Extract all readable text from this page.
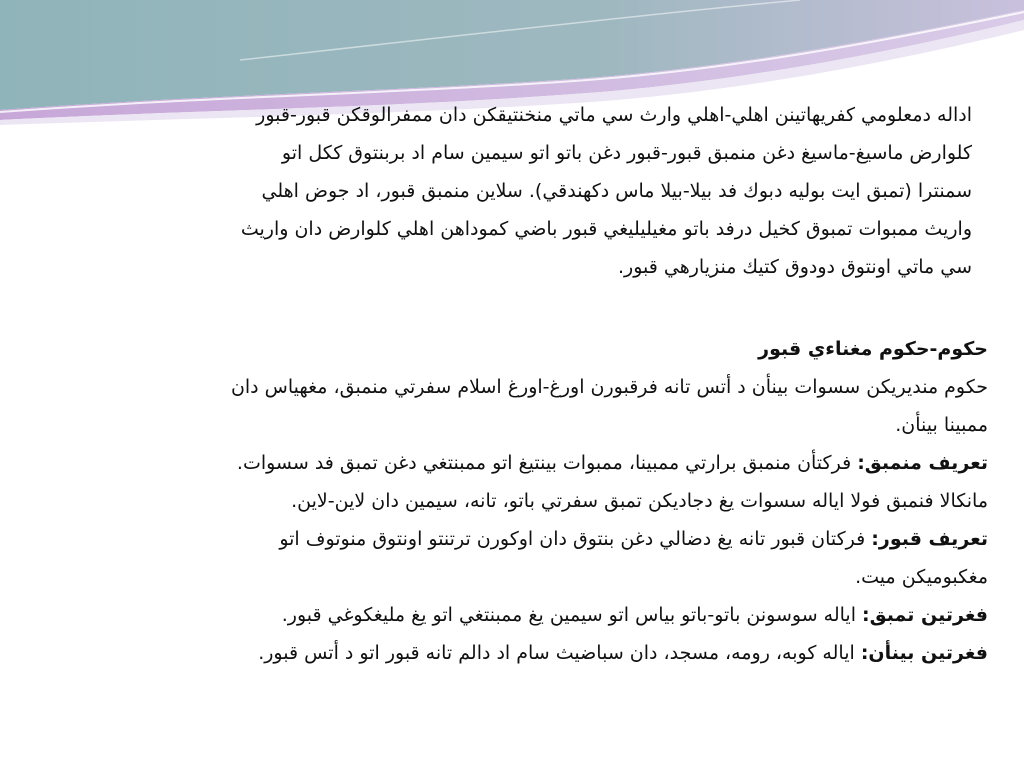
اداله دمعلومي كفريهاتينن اهلي-اهلي وارث سي ماتي منخنتيقكن دان ممفرالوقكن قبور-قبور
كلوارض ماسيغ-ماسيغ دغن منمبق قبور-قبور دغن باتو اتو سيمين سام اد بربنتوق ككل اتو
سمنترا (تمبق ايت بوليه دبوك فد بيلا-بيلا ماس دكهندقي). سلاين منمبق قبور، اد جوض اهلي
واريث ممبوات تمبوق كخيل درفد باتو مغيليليغي قبور باضي كموداهن اهلي كلوارض دان واريث
سي ماتي اونتوق دودوق كتيك منزيارهي قبور.
حكوم-حكوم مغناءي قبور
حكوم منديريكن سسوات بينأن د أتس تانه فرقبورن اورغ-اورغ اسلام سفرتي منمبق، مغهياس دان
ممبينا بينأن.
تعريف منمبق: فركتأن منمبق برارتي ممبينا، ممبوات بينتيغ اتو ممبنتغي دغن تمبق فد سسوات.
مانكالا فنمبق فولا اياله سسوات يغ دجاديكن تمبق سفرتي باتو، تانه، سيمين دان لاين-لاين.
تعريف قبور: فركتان قبور تانه يغ دضالي دغن بنتوق دان اوكورن ترتنتو اونتوق منوتوف اتو
مغكبوميكن ميت.
فغرتين تمبق: اياله سوسونن باتو-باتو بياس اتو سيمين يغ ممبنتغي اتو يغ مليغكوغي قبور.
فغرتين بينأن: اياله كوبه، رومه، مسجد، دان سباضيث سام اد دالم تانه قبور اتو د أتس قبور.
